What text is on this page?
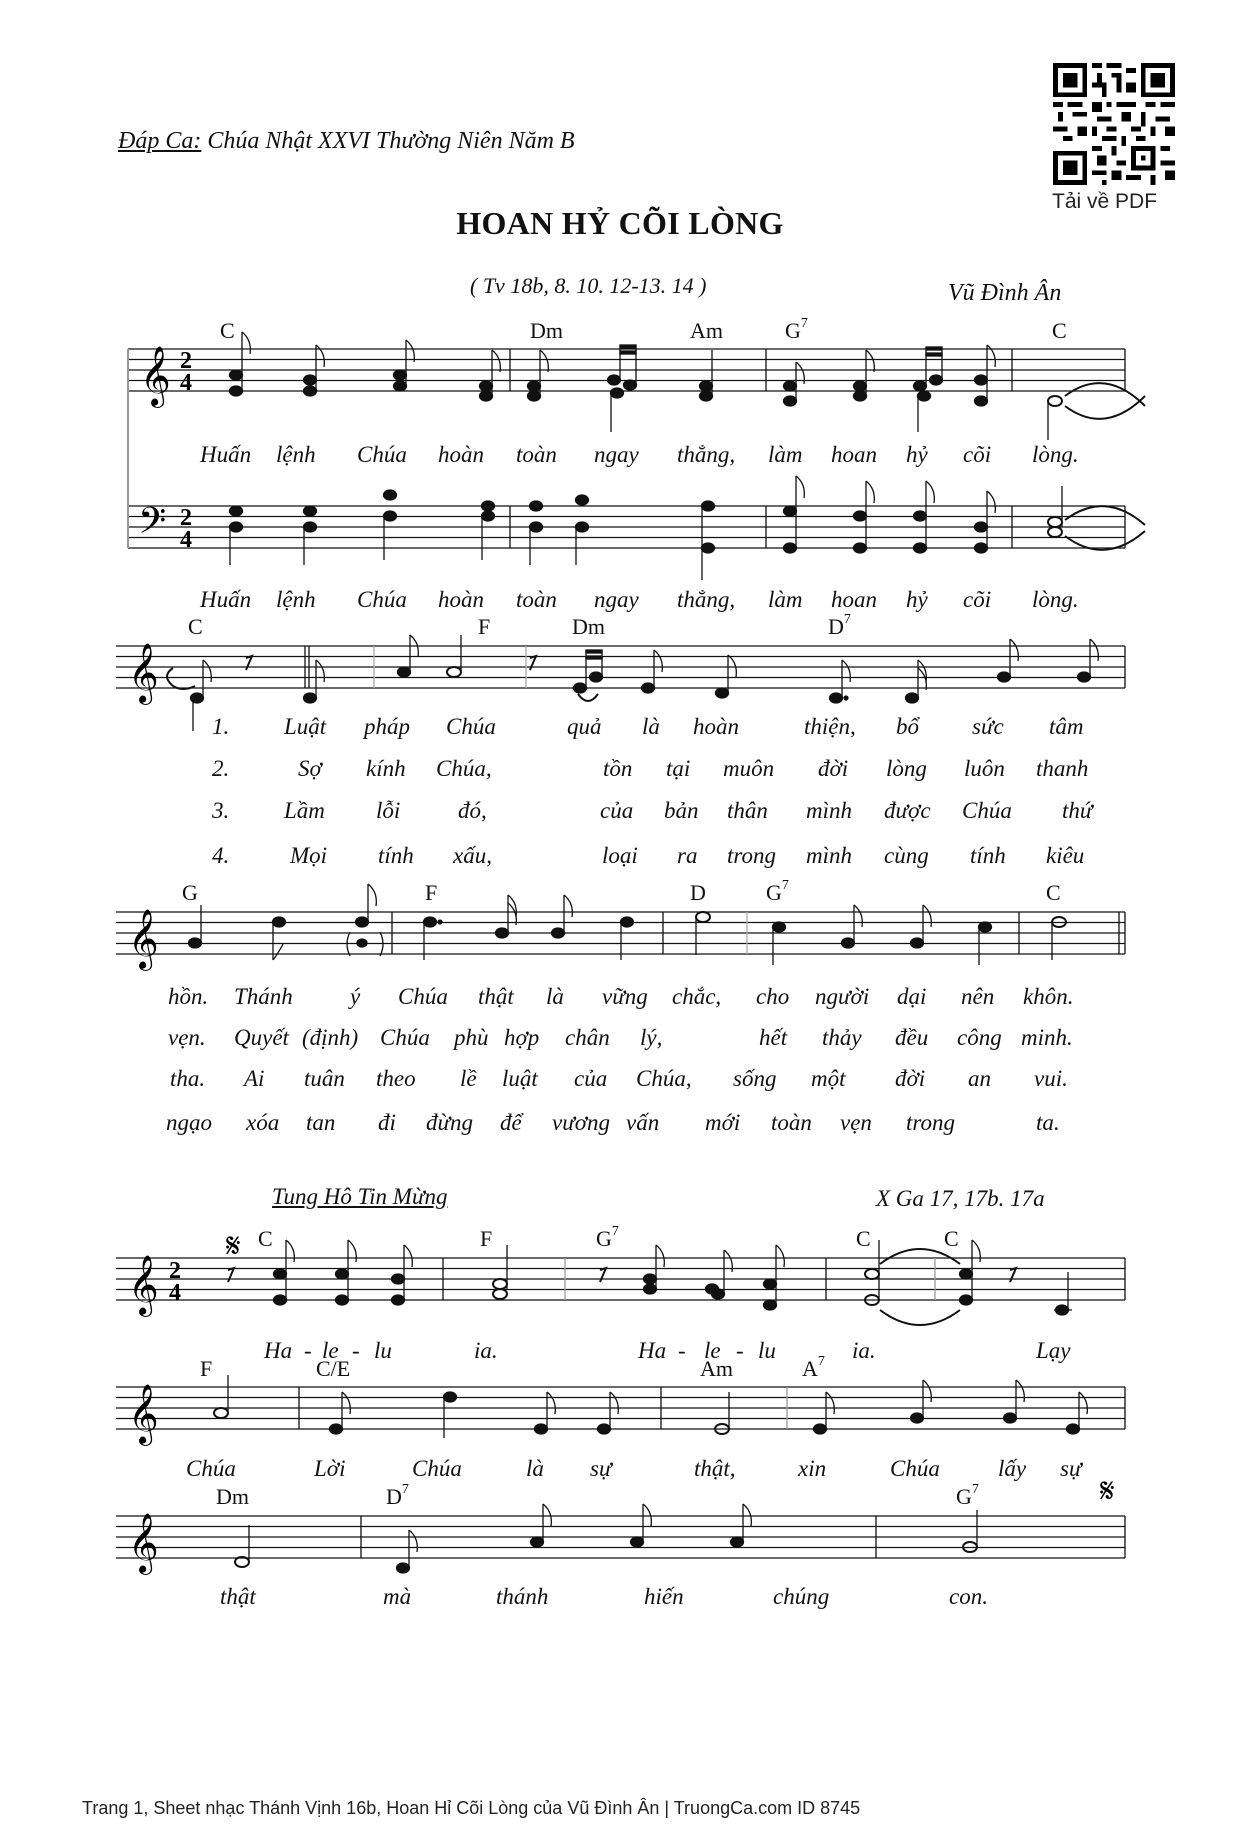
Đáp Ca: Chúa Nhật XXVI Thường Niên Năm B
HOAN HỶ CÕI LÒNG
( Tv 18b, 8. 10. 12-13. 14 )	Vũ Đình Ân
Tải về PDF
𝄞
𝄢
2
4
2
4
C	Dm	Am	$G^7$	C
Huấn lệnh Chúa hoàn toàn ngay thẳng, làm hoan hỷ cõi lòng.
Huấn lệnh Chúa hoàn toàn ngay thẳng, làm hoan hỷ cõi lòng.
𝄞
C	F	Dm	$D^7$
1. Luật pháp Chúa	quả là hoàn	thiện, bổ sức tâm
2.	Sợ kính Chúa,	tồn tại muôn đời lòng luôn thanh
3. Lầm lỗi	đó,	của bản thân mình được Chúa thứ
4.	Mọi tính xấu,	loại ra trong mình cùng tính kiêu
𝄞
G	F	D	$G^7$	C
hồn. Thánh ý Chúa thật là vững chắc, cho người dại nên khôn.
vẹn. Quyết (định) Chúa phù hợp chân lý,	hết thảy đều công minh.
tha. Ai tuân theo lề luật của Chúa, sống một đời an vui.
ngạo xóa tan đi đừng để vương vấn mới toàn vẹn trong	ta.
Tung Hô Tin Mừng	X Ga 17, 17b. 17a
𝄞 2
4
𝄋 C	F	$G^7$	C	C
Ha - le - lu	ia.	Ha - le - lu	ia.	Lạy
𝄞
F	C/E	Am	$A^7$
Chúa	Lời	Chúa	là sự	thật,	xin	Chúa	lấy sự
𝄞
𝄋
Dm	$D^7$	$G^7$
thật	mà	thánh	hiến	chúng	con.
Trang 1, Sheet nhạc Thánh Vịnh 16b, Hoan Hỉ Cõi Lòng của Vũ Đình Ân | TruongCa.com ID 8745
